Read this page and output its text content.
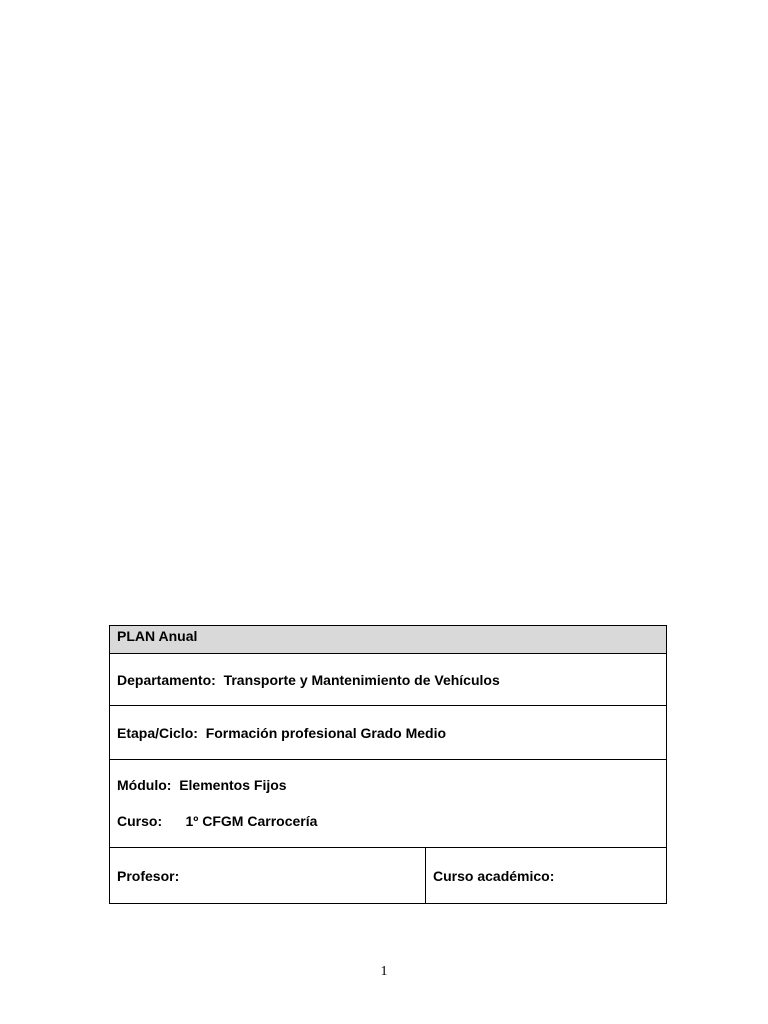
PLAN Anual
Departamento:
Transporte y Mantenimiento de Vehículos
Etapa/Ciclo:
Formación profesional Grado Medio
Módulo: Elementos Fijos
Curso: 1º CFGM Carrocería
Profesor:	Curso académico:
1
